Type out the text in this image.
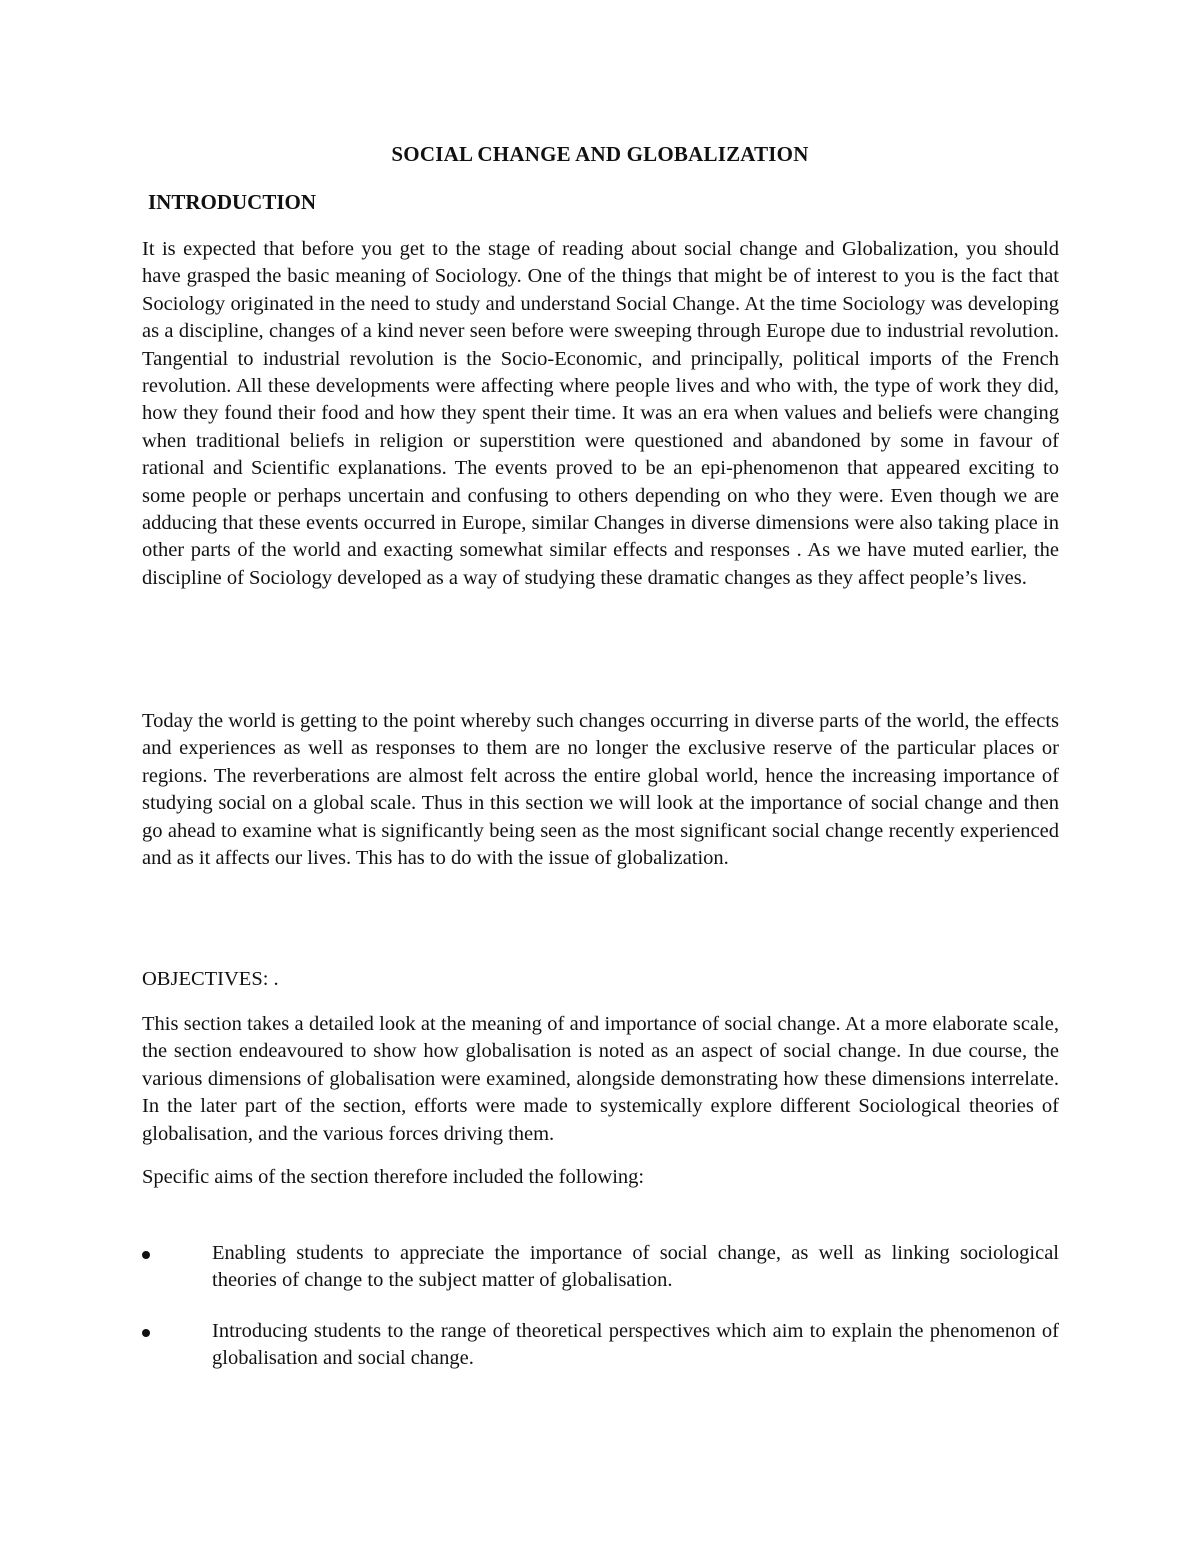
SOCIAL CHANGE AND GLOBALIZATION
INTRODUCTION

It is expected that before you get to the stage of reading about social change and Globalization, you should have grasped the basic meaning of Sociology. One of the things that might be of interest to you is the fact that Sociology originated in the need to study and understand Social Change. At the time Sociology was developing as a discipline, changes of a kind never seen before were sweeping through Europe due to industrial revolution. Tangential to industrial revolution is the Socio-Economic, and principally, political imports of the French revolution. All these developments were affecting where people lives and who with, the type of work they did, how they found their food and how they spent their time. It was an era when values and beliefs were changing when traditional beliefs in religion or superstition were questioned and abandoned by some in favour of rational and Scientific explanations. The events proved to be an epi-phenomenon that appeared exciting to some people or perhaps uncertain and confusing to others depending on who they were. Even though we are adducing that these events occurred in Europe, similar Changes in diverse dimensions were also taking place in other parts of the world and exacting somewhat similar effects and responses . As we have muted earlier, the discipline of Sociology developed as a way of studying these dramatic changes as they affect people’s lives.

Today the world is getting to the point whereby such changes occurring in diverse parts of the world, the effects and experiences as well as responses to them are no longer the exclusive reserve of the particular places or regions. The reverberations are almost felt across the entire global world, hence the increasing importance of studying social on a global scale. Thus in this section we will look at the importance of social change and then go ahead to examine what is significantly being seen as the most significant social change recently experienced and as it affects our lives. This has to do with the issue of globalization.

OBJECTIVES: .

This section takes a detailed look at the meaning of and importance of social change. At a more elaborate scale, the section endeavoured to show how globalisation is noted as an aspect of social change. In due course, the various dimensions of globalisation were examined, alongside demonstrating how these dimensions interrelate. In the later part of the section, efforts were made to systemically explore different Sociological theories of globalisation, and the various forces driving them.

Specific aims of the section therefore included the following:

Enabling students to appreciate the importance of social change, as well as linking sociological theories of change to the subject matter of globalisation.
Introducing students to the range of theoretical perspectives which aim to explain the phenomenon of globalisation and social change.
